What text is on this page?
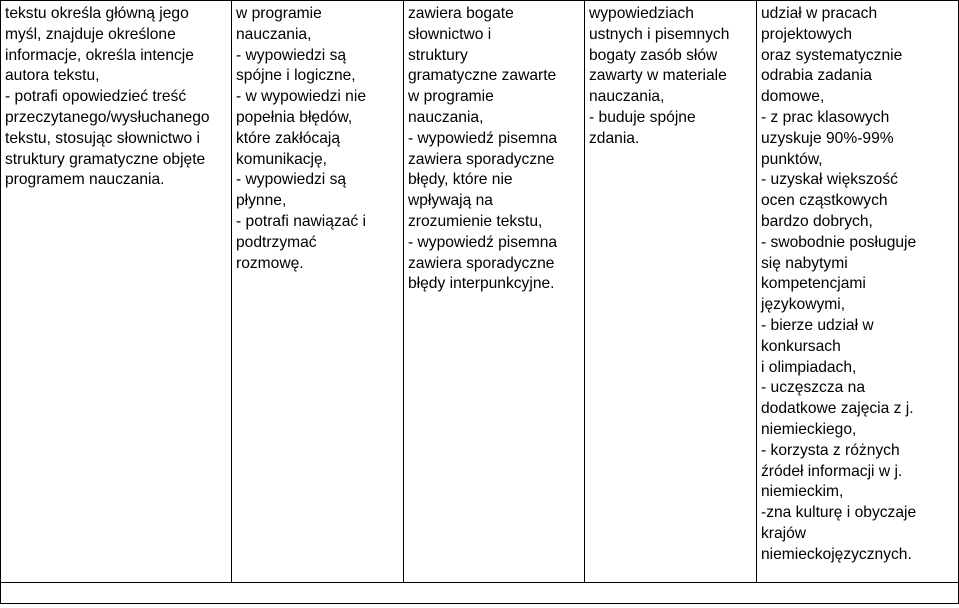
tekstu określa główną jego
myśl, znajduje określone
informacje, określa intencje
autora tekstu,
- potrafi opowiedzieć treść
przeczytanego/wysłuchanego
tekstu, stosując słownictwo i
struktury gramatyczne objęte
programem nauczania.	w programie
nauczania,
- wypowiedzi są
spójne i logiczne,
- w wypowiedzi nie
popełnia błędów,
które zakłócają
komunikację,
- wypowiedzi są
płynne,
- potrafi nawiązać i
podtrzymać
rozmowę.	zawiera bogate
słownictwo i
struktury
gramatyczne zawarte
w programie
nauczania,
- wypowiedź pisemna
zawiera sporadyczne
błędy, które nie
wpływają na
zrozumienie tekstu,
- wypowiedź pisemna
zawiera sporadyczne
błędy interpunkcyjne.	wypowiedziach
ustnych i pisemnych
bogaty zasób słów
zawarty w materiale
nauczania,
- buduje spójne
zdania.	udział w pracach
projektowych
oraz systematycznie
odrabia zadania
domowe,
- z prac klasowych
uzyskuje 90%-99%
punktów,
- uzyskał większość
ocen cząstkowych
bardzo dobrych,
- swobodnie posługuje
się nabytymi
kompetencjami
językowymi,
- bierze udział w
konkursach
i olimpiadach,
- uczęszcza na
dodatkowe zajęcia z j.
niemieckiego,
- korzysta z różnych
źródeł informacji w j.
niemieckim,
-zna kulturę i obyczaje
krajów
niemieckojęzycznych.
